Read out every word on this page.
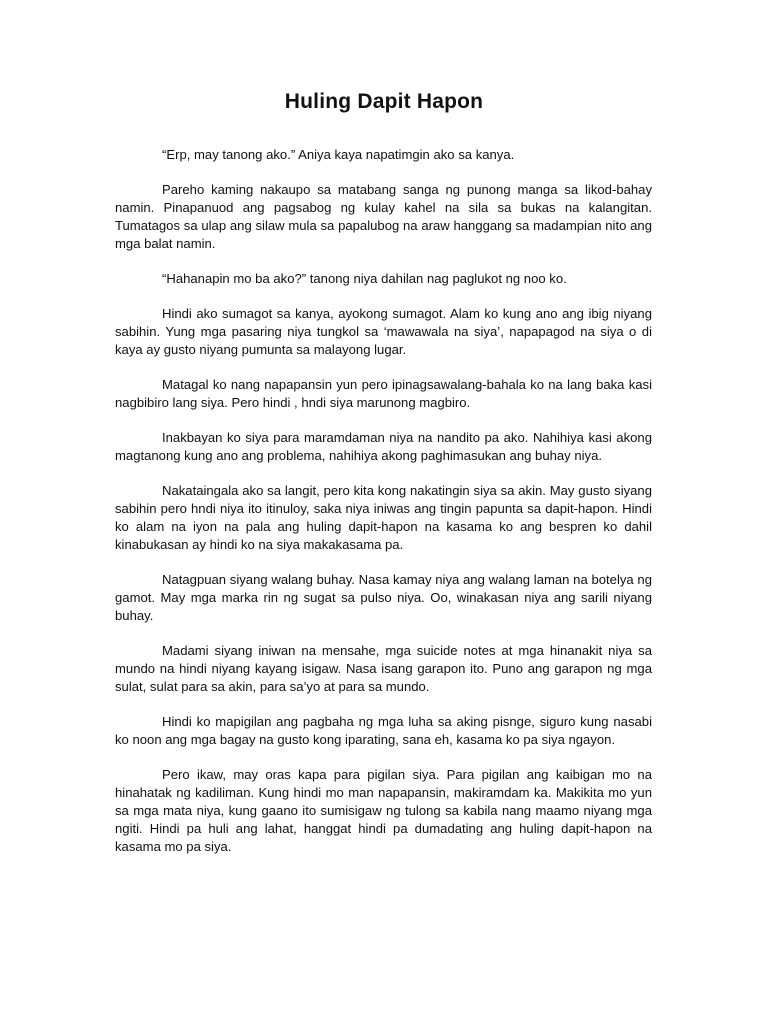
Huling Dapit Hapon

“Erp, may tanong ako.” Aniya kaya napatimgin ako sa kanya.

Pareho kaming nakaupo sa matabang sanga ng punong manga sa likod-bahay namin. Pinapanuod ang pagsabog ng kulay kahel na sila sa bukas na kalangitan. Tumatagos sa ulap ang silaw mula sa papalubog na araw hanggang sa madampian nito ang mga balat namin.

“Hahanapin mo ba ako?” tanong niya dahilan nag paglukot ng noo ko.

Hindi ako sumagot sa kanya, ayokong sumagot. Alam ko kung ano ang ibig niyang sabihin. Yung mga pasaring niya tungkol sa ‘mawawala na siya’, napapagod na siya o di kaya ay gusto niyang pumunta sa malayong lugar.

Matagal ko nang napapansin yun pero ipinagsawalang-bahala ko na lang baka kasi nagbibiro lang siya. Pero hindi , hndi siya marunong magbiro.

Inakbayan ko siya para maramdaman niya na nandito pa ako. Nahihiya kasi akong magtanong kung ano ang problema, nahihiya akong paghimasukan ang buhay niya.

Nakataingala ako sa langit, pero kita kong nakatingin siya sa akin. May gusto siyang sabihin pero hndi niya ito itinuloy, saka niya iniwas ang tingin papunta sa dapit-hapon. Hindi ko alam na iyon na pala ang huling dapit-hapon na kasama ko ang bespren ko dahil kinabukasan ay hindi ko na siya makakasama pa.

Natagpuan siyang walang buhay. Nasa kamay niya ang walang laman na botelya ng gamot. May mga marka rin ng sugat sa pulso niya. Oo, winakasan niya ang sarili niyang buhay.

Madami siyang iniwan na mensahe, mga suicide notes at mga hinanakit niya sa mundo na hindi niyang kayang isigaw. Nasa isang garapon ito. Puno ang garapon ng mga sulat, sulat para sa akin, para sa’yo at para sa mundo.

Hindi ko mapigilan ang pagbaha ng mga luha sa aking pisnge, siguro kung nasabi ko noon ang mga bagay na gusto kong iparating, sana eh, kasama ko pa siya ngayon.

Pero ikaw, may oras kapa para pigilan siya. Para pigilan ang kaibigan mo na hinahatak ng kadiliman. Kung hindi mo man napapansin, makiramdam ka. Makikita mo yun sa mga mata niya, kung gaano ito sumisigaw ng tulong sa kabila nang maamo niyang mga ngiti. Hindi pa huli ang lahat, hanggat hindi pa dumadating ang huling dapit-hapon na kasama mo pa siya.
